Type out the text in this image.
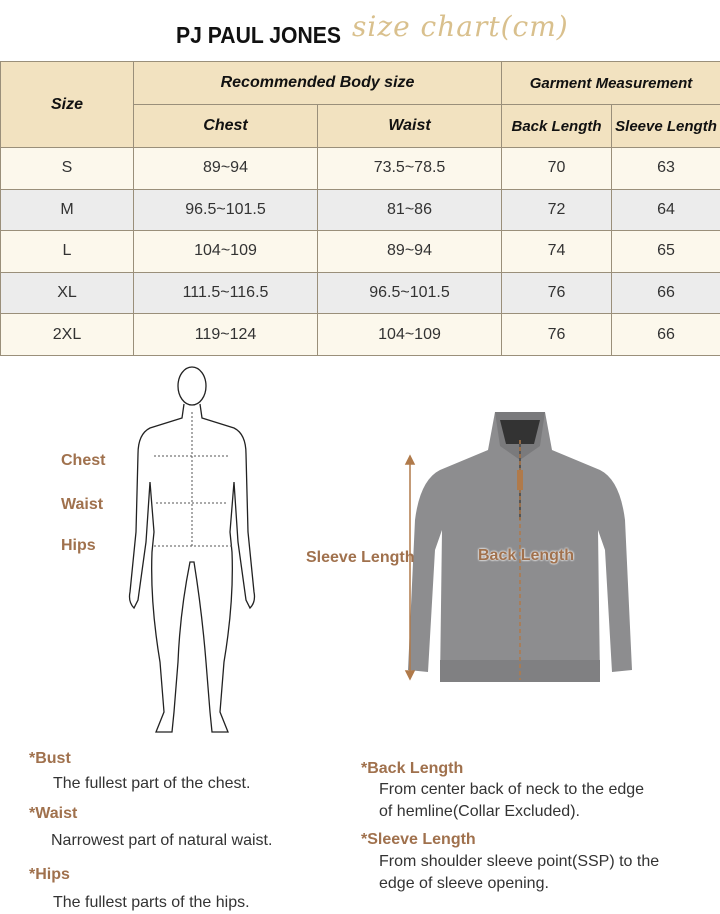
PJ PAUL JONES size chart(cm)
Size	Recommended Body size		Garment Measurement	
	Chest	Waist	Back Length	Sleeve Length
S	89~94	73.5~78.5	70	63
M	96.5~101.5	81~86	72	64
L	104~109	89~94	74	65
XL	111.5~116.5	96.5~101.5	76	66
2XL	119~124	104~109	76	66
Chest
Waist
Hips
Sleeve Length	Back Length
*Bust
The fullest part of the chest.
*Waist
Narrowest part of natural waist.
*Hips
The fullest parts of the hips.
*Back Length
From center back of neck to the edge
of hemline(Collar Excluded).
*Sleeve Length
From shoulder sleeve point(SSP) to the
edge of sleeve opening.
